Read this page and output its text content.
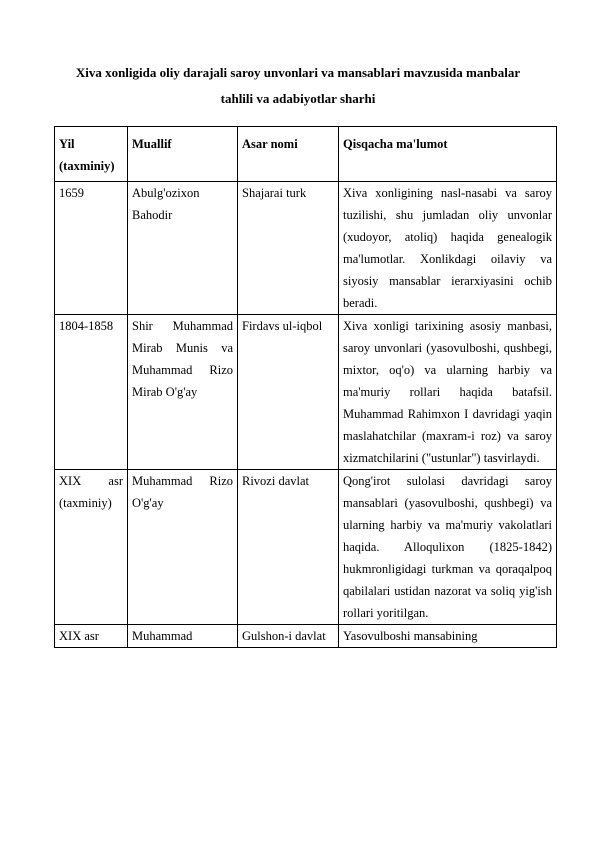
Xiva xonligida oliy darajali saroy unvonlari va mansablari mavzusida manbalar
tahlili va adabiyotlar sharhi
Yil (taxminiy)	Muallif	Asar nomi	Qisqacha ma'lumot
1659	Abulg'ozixon Bahodir	Shajarai turk	Xiva xonligining nasl-nasabi va saroy tuzilishi, shu jumladan oliy unvonlar (xudoyor, atoliq) haqida genealogik ma'lumotlar. Xonlikdagi oilaviy va siyosiy mansablar ierarxiyasini ochib beradi.
1804-1858	Shir Muhammad Mirab Munis va Muhammad Rizo Mirab O'g'ay	Firdavs ul-iqbol	Xiva xonligi tarixining asosiy manbasi, saroy unvonlari (yasovulboshi, qushbegi, mixtor, oq'o) va ularning harbiy va ma'muriy rollari haqida batafsil. Muhammad Rahimxon I davridagi yaqin maslahatchilar (maxram-i roz) va saroy xizmatchilarini ("ustunlar") tasvirlaydi.
XIX asr (taxminiy)	Muhammad Rizo O'g'ay	Rivozi davlat	Qong'irot sulolasi davridagi saroy mansablari (yasovulboshi, qushbegi) va ularning harbiy va ma'muriy vakolatlari haqida. Alloqulixon (1825-1842) hukmronligidagi turkman va qoraqalpoq qabilalari ustidan nazorat va soliq yig'ish rollari yoritilgan.
XIX asr	Muhammad	Gulshon-i davlat	Yasovulboshi mansabining
